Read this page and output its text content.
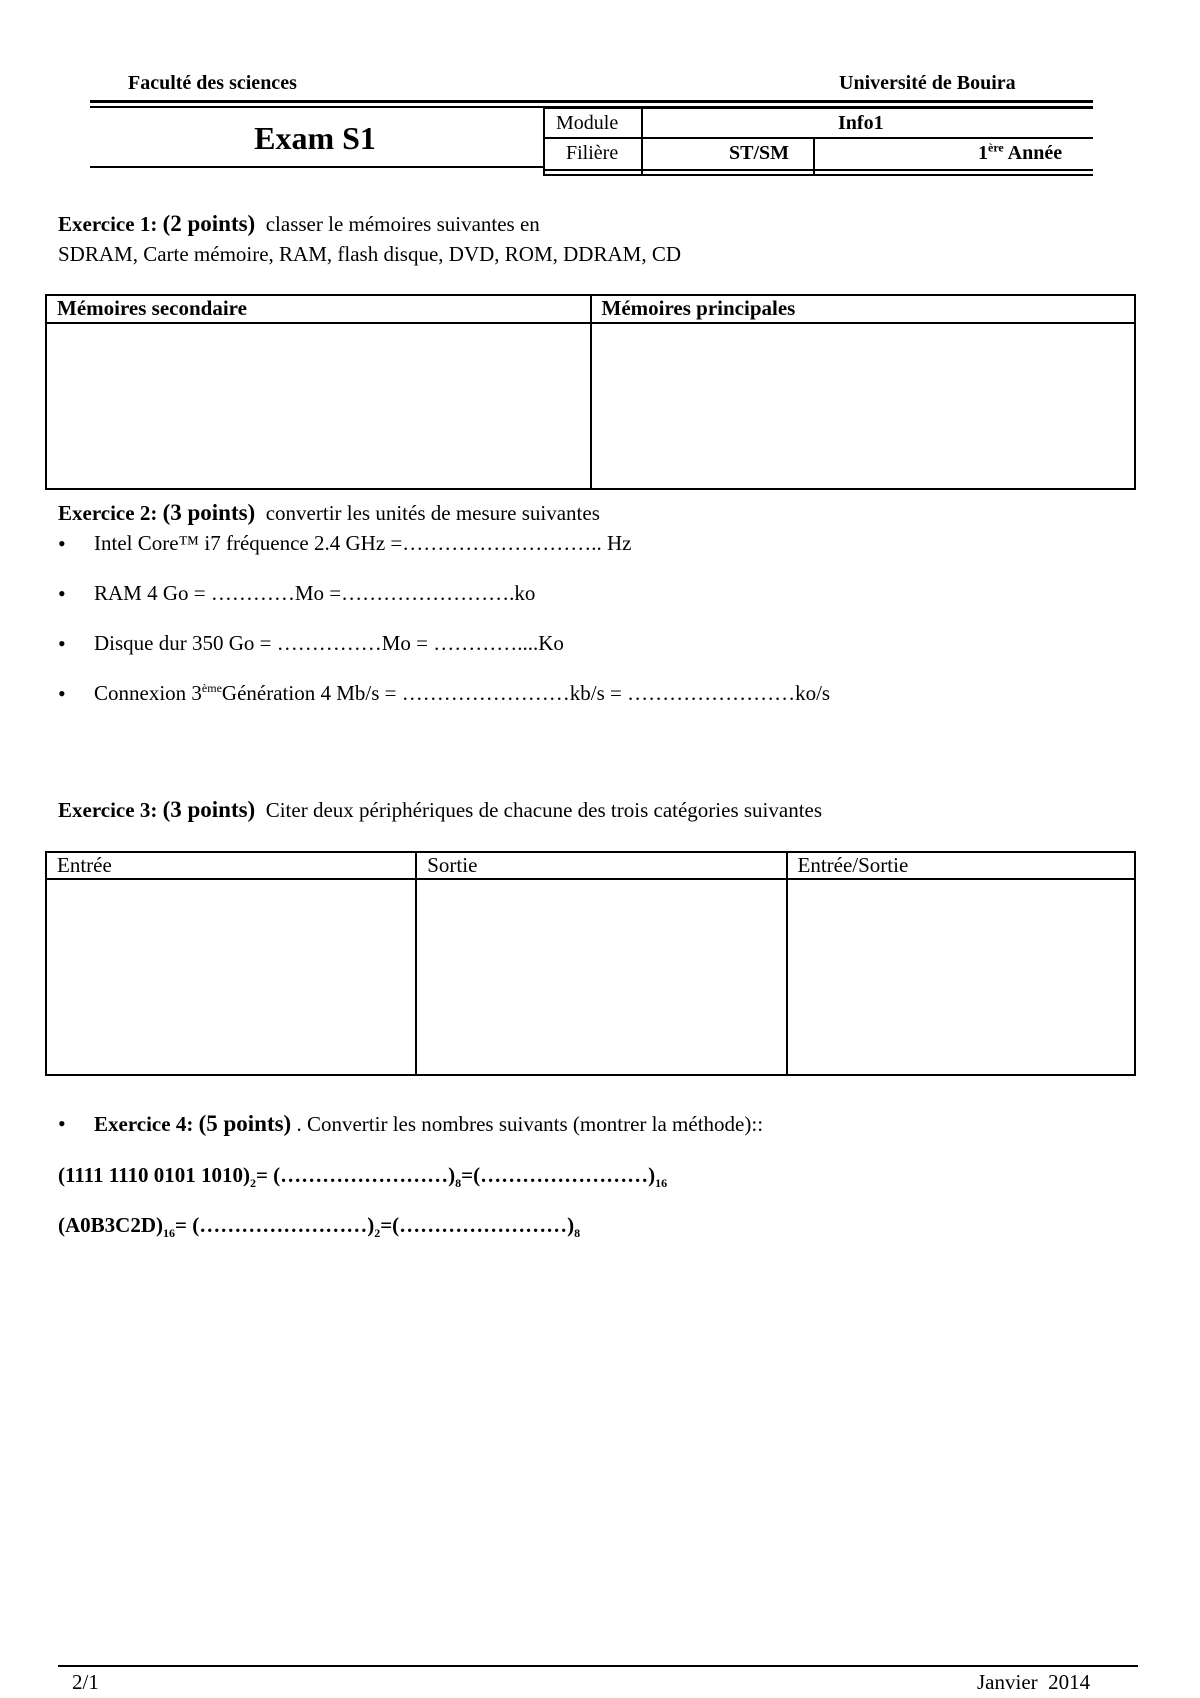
Faculté des sciences	Université de Bouira
Exam S1	Module	Info1
Filière	ST/SM	1ère Année
Exercice 1: (2 points) classer le mémoires suivantes en
SDRAM, Carte mémoire, RAM, flash disque, DVD, ROM, DDRAM, CD
Mémoires secondaire	Mémoires principales

Exercice 2: (3 points) convertir les unités de mesure suivantes
• Intel Core™ i7 fréquence 2.4 GHz =……………………….. Hz
• RAM 4 Go = …………Mo =…………………….ko
• Disque dur 350 Go = ……………Mo = …………....Ko
• Connexion 3èmeGénération 4 Mb/s = ……………………kb/s = ……………………ko/s
Exercice 3: (3 points) Citer deux périphériques de chacune des trois catégories suivantes
Entrée	Sortie	Entrée/Sortie

• Exercice 4: (5 points) . Convertir les nombres suivants (montrer la méthode)::
(1111 1110 0101 $1010)_2=$ $(\dots\dots\dots\dots\dots\dots\dots\dots)_8=(\dots\dots\dots\dots\dots\dots\dots\dots)_{16}$
$(A0B3C2D)_{16}=$ $(\dots\dots\dots\dots\dots\dots\dots\dots)_2=(\dots\dots\dots\dots\dots\dots\dots\dots)_8$
2/1	Janvier  2014
